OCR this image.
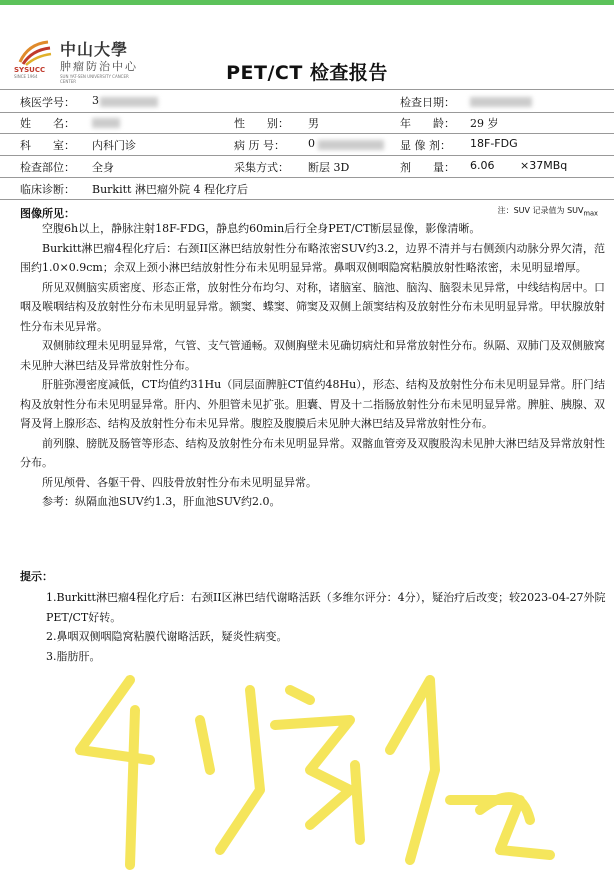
SYSUCC
SINCE 1964
中山大學
肿瘤防治中心
SUN YAT-SEN UNIVERSITY CANCER CENTER	PET/CT 检查报告
核医学号： 3	检查日期：
姓　　名：	性　　别： 男	年　　龄： 29 岁
科　　室： 内科门诊	病 历 号： 0	显 像 剂： 18F-FDG
检查部位： 全身	采集方式： 断层 3D	剂　　量： 6.06 ×37MBq
临床诊断： Burkitt 淋巴瘤外院 4 程化疗后
图像所见：	注：SUV 记录值为 $SUV_{max}$

空腹6h以上，静脉注射18F-FDG，静息约60min后行全身PET/CT断层显像，影像清晰。

Burkitt淋巴瘤4程化疗后：右颈II区淋巴结放射性分布略浓密SUV约3.2，边界不清并与右侧颈内动脉分界欠清，范围约1.0×0.9cm；余双上颈小淋巴结放射性分布未见明显异常。鼻咽双侧咽隐窝粘膜放射性略浓密，未见明显增厚。

所见双侧脑实质密度、形态正常，放射性分布均匀、对称，诸脑室、脑池、脑沟、脑裂未见异常，中线结构居中。口咽及喉咽结构及放射性分布未见明显异常。额窦、蝶窦、筛窦及双侧上颌窦结构及放射性分布未见明显异常。甲状腺放射性分布未见异常。

双侧肺纹理未见明显异常，气管、支气管通畅。双侧胸壁未见确切病灶和异常放射性分布。纵隔、双肺门及双侧腋窝未见肿大淋巴结及异常放射性分布。

肝脏弥漫密度减低，CT均值约31Hu（同层面脾脏CT值约48Hu），形态、结构及放射性分布未见明显异常。肝门结构及放射性分布未见明显异常。肝内、外胆管未见扩张。胆囊、胃及十二指肠放射性分布未见明显异常。脾脏、胰腺、双肾及肾上腺形态、结构及放射性分布未见异常。腹腔及腹膜后未见肿大淋巴结及异常放射性分布。

前列腺、膀胱及肠管等形态、结构及放射性分布未见明显异常。双髂血管旁及双腹股沟未见肿大淋巴结及异常放射性分布。

所见颅骨、各躯干骨、四肢骨放射性分布未见明显异常。

参考：纵隔血池SUV约1.3，肝血池SUV约2.0。

提示：

1.Burkitt淋巴瘤4程化疗后：右颈II区淋巴结代谢略活跃（多维尔评分：4分），疑治疗后改变；较2023-04-27外院PET/CT好转。

2.鼻咽双侧咽隐窝粘膜代谢略活跃，疑炎性病变。

3.脂肪肝。
